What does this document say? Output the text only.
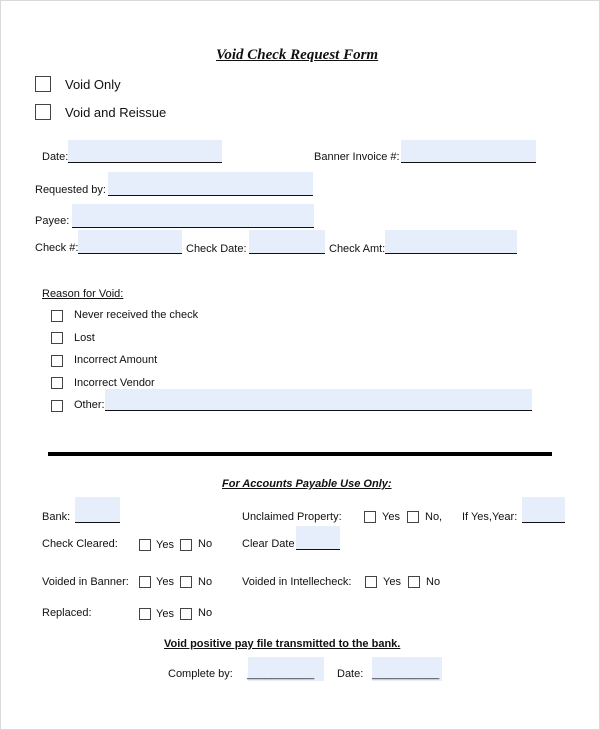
Void Check Request Form
Void Only
Void and Reissue
Date:	Banner Invoice #:
Requested by:
Payee:
Check #:	Check Date:	Check Amt:
Reason for Void:
Never received the check
Lost
Incorrect Amount
Incorrect Vendor
Other:
For Accounts Payable Use Only:
Bank:	Unclaimed Property:	Yes No, If Yes,Year:
Check Cleared:	Yes No	Clear Date
Voided in Banner: Yes No	Voided in Intellecheck:	Yes No
Replaced:	Yes No
Void positive pay file transmitted to the bank.
Complete by: ___________ Date: ___________
